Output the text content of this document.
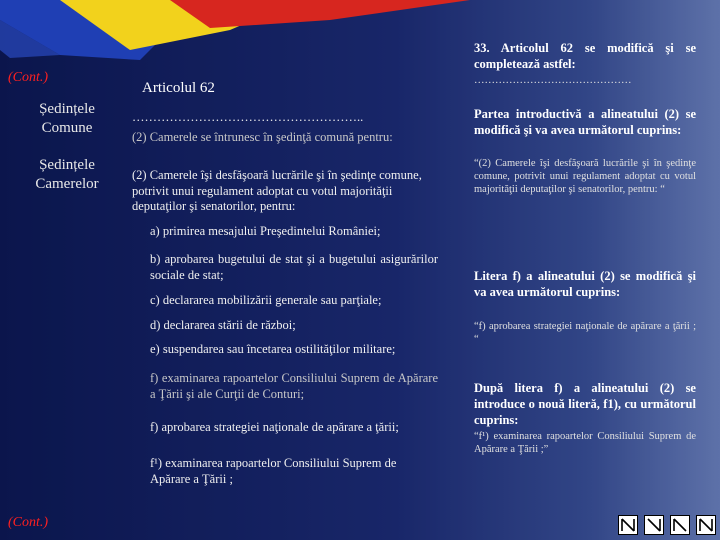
(Cont.)

Ședințele Comune

Ședințele Camerelor

(Cont.)

Articolul 62

………………………………………………..

(2) Camerele se întrunesc în şedinţă comună pentru:

(2) Camerele îşi desfăşoară lucrările şi în şedinţe comune, potrivit unui regulament adoptat cu votul majorităţii deputaţilor şi senatorilor, pentru:

a) primirea mesajului Preşedintelui României;

b) aprobarea bugetului de stat şi a bugetului asigurărilor sociale de stat;

c) declararea mobilizării generale sau parţiale;

d) declararea stării de război;

e) suspendarea sau încetarea ostilităţilor militare;

f) examinarea rapoartelor Consiliului Suprem de Apărare a Ţării şi ale Curţii de Conturi;

f) aprobarea strategiei naţionale de apărare a ţării;

f¹) examinarea rapoartelor Consiliului Suprem de Apărare a Ţării ;

33. Articolul 62 se modifică şi se completează astfel:

………………………………………

Partea introductivă a alineatului (2) se modifică şi va avea următorul cuprins:

“(2) Camerele îşi desfăşoară lucrările şi în şedinţe comune, potrivit unui regulament adoptat cu votul majorităţii deputaţilor şi senatorilor, pentru: “

Litera f) a alineatului (2) se modifică şi va avea următorul cuprins:

“f) aprobarea strategiei naţionale de apărare a ţării ; “

După litera f) a alineatului (2) se introduce o nouă literă, f1), cu următorul cuprins:

“f¹) examinarea rapoartelor Consiliului Suprem de Apărare a Ţării ;”
